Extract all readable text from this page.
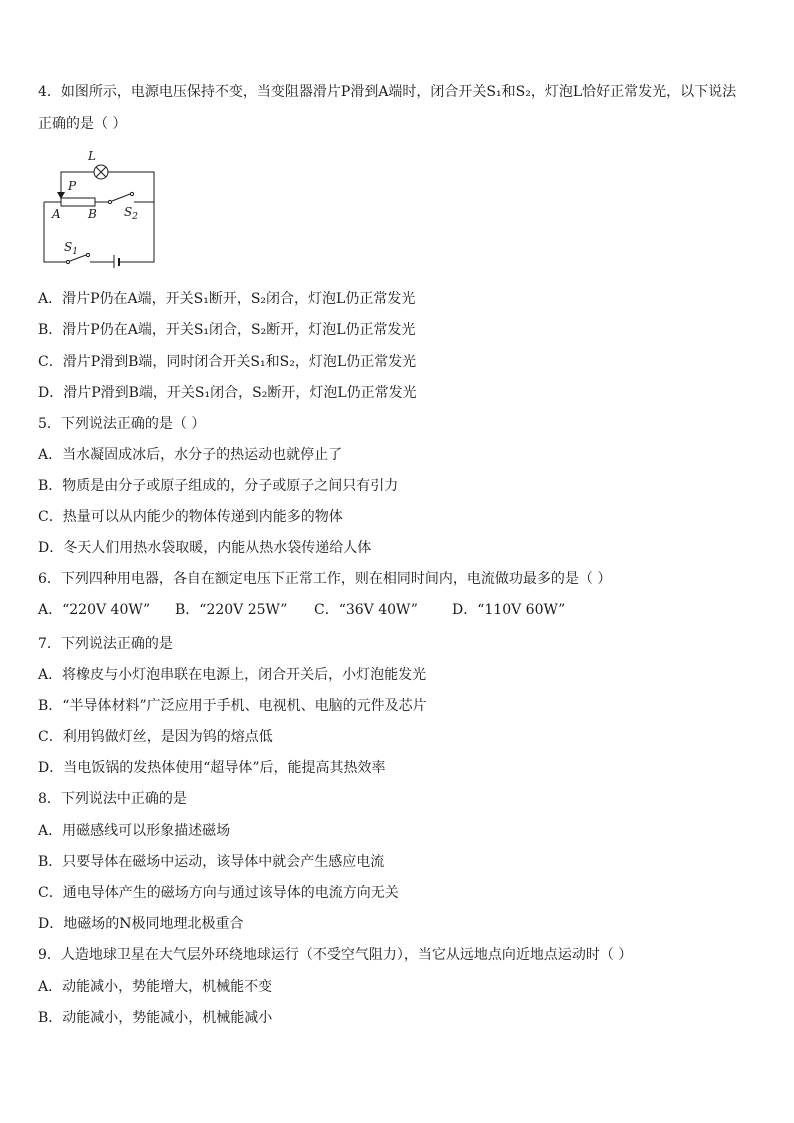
4．如图所示，电源电压保持不变，当变阻器滑片P滑到A端时，闭合开关S₁和S₂，灯泡L恰好正常发光，以下说法
正确的是（ ）
L
P
A B $S_2$
$S_1$
A．滑片P仍在A端，开关S₁断开，S₂闭合，灯泡L仍正常发光
B．滑片P仍在A端，开关S₁闭合，S₂断开，灯泡L仍正常发光
C．滑片P滑到B端，同时闭合开关S₁和S₂，灯泡L仍正常发光
D．滑片P滑到B端，开关S₁闭合，S₂断开，灯泡L仍正常发光
5．下列说法正确的是（ ）
A．当水凝固成冰后，水分子的热运动也就停止了
B．物质是由分子或原子组成的，分子或原子之间只有引力
C．热量可以从内能少的物体传递到内能多的物体
D．冬天人们用热水袋取暖，内能从热水袋传递给人体
6．下列四种用电器，各自在额定电压下正常工作，则在相同时间内，电流做功最多的是（ ）
A．“220V 40W” B．“220V 25W” C．“36V 40W” D．“110V 60W”
7．下列说法正确的是
A．将橡皮与小灯泡串联在电源上，闭合开关后，小灯泡能发光
B．“半导体材料”广泛应用于手机、电视机、电脑的元件及芯片
C．利用钨做灯丝，是因为钨的熔点低
D．当电饭锅的发热体使用“超导体”后，能提高其热效率
8．下列说法中正确的是
A．用磁感线可以形象描述磁场
B．只要导体在磁场中运动，该导体中就会产生感应电流
C．通电导体产生的磁场方向与通过该导体的电流方向无关
D．地磁场的N极同地理北极重合
9．人造地球卫星在大气层外环绕地球运行（不受空气阻力），当它从远地点向近地点运动时（ ）
A．动能减小，势能增大，机械能不变
B．动能减小，势能减小，机械能减小
